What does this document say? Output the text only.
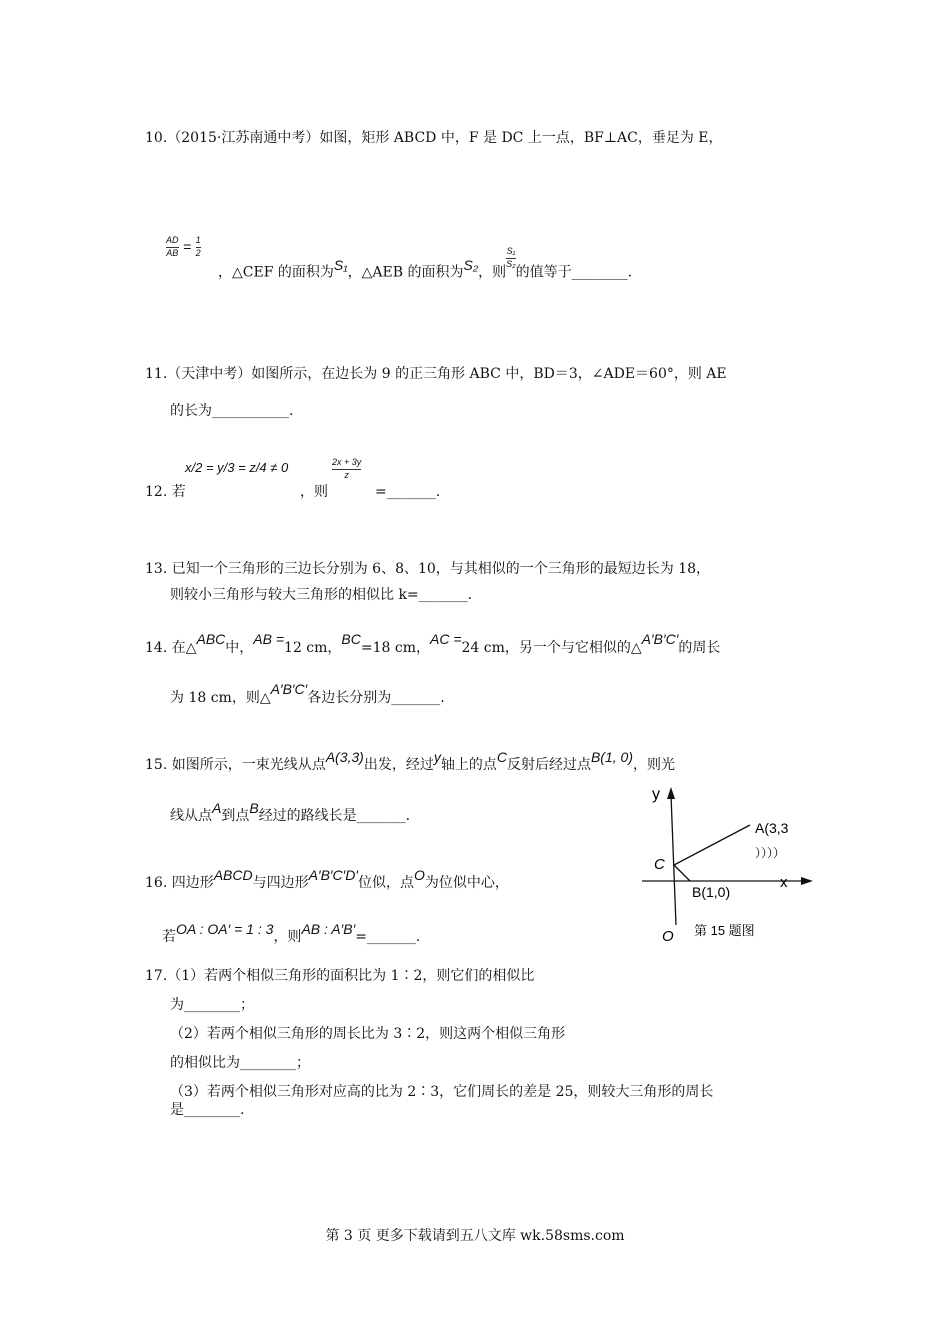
10.（2015·江苏南通中考）如图，矩形 ABCD 中，F 是 DC 上一点，BF⊥AC，垂足为 E，
$\frac{AD}{AB} = \frac{1}{2}$
，△CEF 的面积为S₁，△AEB 的面积为S₂，则
$\frac{\text{S₁}}{\text{S₂}}$
的值等于________.
11.（天津中考）如图所示，在边长为 9 的正三角形 ABC 中，BD＝3，∠ADE＝60°，则 AE
的长为___________.
12. 若
x/2 = y/3 = z/4 ≠ 0
，则
$\frac{2x + 3y}{z}$
=_______.
13. 已知一个三角形的三边长分别为 6、8、10，与其相似的一个三角形的最短边长为 18，
则较小三角形与较大三角形的相似比 k=_______.
14. 在△ABC中，AB =12 cm，BC=18 cm，AC =24 cm，另一个与它相似的△A′B′C′的周长
为 18 cm，则△A′B′C′各边长分别为_______.
15. 如图所示，一束光线从点A(3,3)出发，经过y轴上的点C反射后经过点B(1, 0)，则光
线从点A到点B经过的路线长是_______.
16. 四边形ABCD与四边形A′B′C′D′位似，点O为位似中心，
若OA : OA′ = 1 : 3，则AB : A′B′=_______.
y
x
A(3,3
））））
C
B(1,0)
O 第 15 题图
17.（1）若两个相似三角形的面积比为 1∶2，则它们的相似比
为________；
（2）若两个相似三角形的周长比为 3∶2，则这两个相似三角形
的相似比为________；
（3）若两个相似三角形对应高的比为 2∶3，它们周长的差是 25，则较大三角形的周长
是________.
第 3 页 更多下载请到五八文库 wk.58sms.com
